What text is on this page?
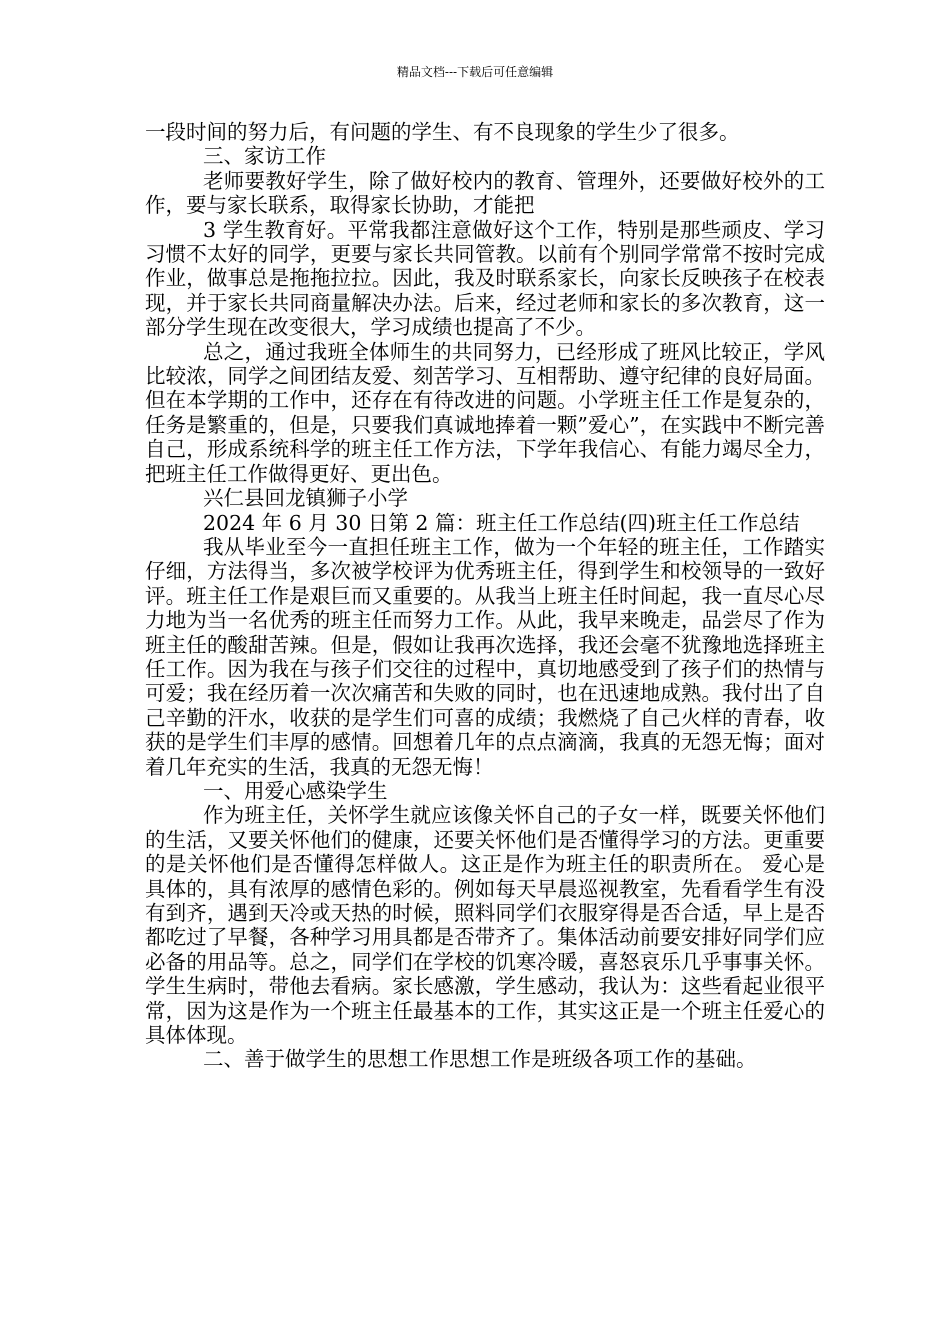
精品文档---下载后可任意编辑

一段时间的努力后，有问题的学生、有不良现象的学生少了很多。

三、家访工作

老师要教好学生，除了做好校内的教育、管理外，还要做好校外的工作，要与家长联系，取得家长协助，才能把

3 学生教育好。平常我都注意做好这个工作，特别是那些顽皮、学习习惯不太好的同学，更要与家长共同管教。以前有个别同学常常不按时完成作业，做事总是拖拖拉拉。因此，我及时联系家长，向家长反映孩子在校表现，并于家长共同商量解决办法。后来，经过老师和家长的多次教育，这一部分学生现在改变很大，学习成绩也提高了不少。

总之，通过我班全体师生的共同努力，已经形成了班风比较正，学风比较浓，同学之间团结友爱、刻苦学习、互相帮助、遵守纪律的良好局面。但在本学期的工作中，还存在有待改进的问题。小学班主任工作是复杂的，任务是繁重的，但是，只要我们真诚地捧着一颗”爱心”，在实践中不断完善自己，形成系统科学的班主任工作方法，下学年我信心、有能力竭尽全力，把班主任工作做得更好、更出色。

兴仁县回龙镇狮子小学

2024 年 6 月 30 日第 2 篇：班主任工作总结(四)班主任工作总结

我从毕业至今一直担任班主工作，做为一个年轻的班主任，工作踏实仔细，方法得当，多次被学校评为优秀班主任，得到学生和校领导的一致好评。班主任工作是艰巨而又重要的。从我当上班主任时间起，我一直尽心尽力地为当一名优秀的班主任而努力工作。从此，我早来晚走，品尝尽了作为班主任的酸甜苦辣。但是，假如让我再次选择，我还会毫不犹豫地选择班主任工作。因为我在与孩子们交往的过程中，真切地感受到了孩子们的热情与可爱；我在经历着一次次痛苦和失败的同时，也在迅速地成熟。我付出了自己辛勤的汗水，收获的是学生们可喜的成绩；我燃烧了自己火样的青春，收获的是学生们丰厚的感情。回想着几年的点点滴滴，我真的无怨无悔；面对着几年充实的生活，我真的无怨无悔！

一、用爱心感染学生

作为班主任，关怀学生就应该像关怀自己的子女一样，既要关怀他们的生活，又要关怀他们的健康，还要关怀他们是否懂得学习的方法。更重要的是关怀他们是否懂得怎样做人。这正是作为班主任的职责所在。 爱心是具体的，具有浓厚的感情色彩的。例如每天早晨巡视教室，先看看学生有没有到齐，遇到天冷或天热的时候，照料同学们衣服穿得是否合适，早上是否都吃过了早餐，各种学习用具都是否带齐了。集体活动前要安排好同学们应必备的用品等。总之，同学们在学校的饥寒冷暖，喜怒哀乐几乎事事关怀。学生生病时，带他去看病。家长感激，学生感动，我认为：这些看起业很平常，因为这是作为一个班主任最基本的工作，其实这正是一个班主任爱心的具体体现。

二、善于做学生的思想工作思想工作是班级各项工作的基础。
